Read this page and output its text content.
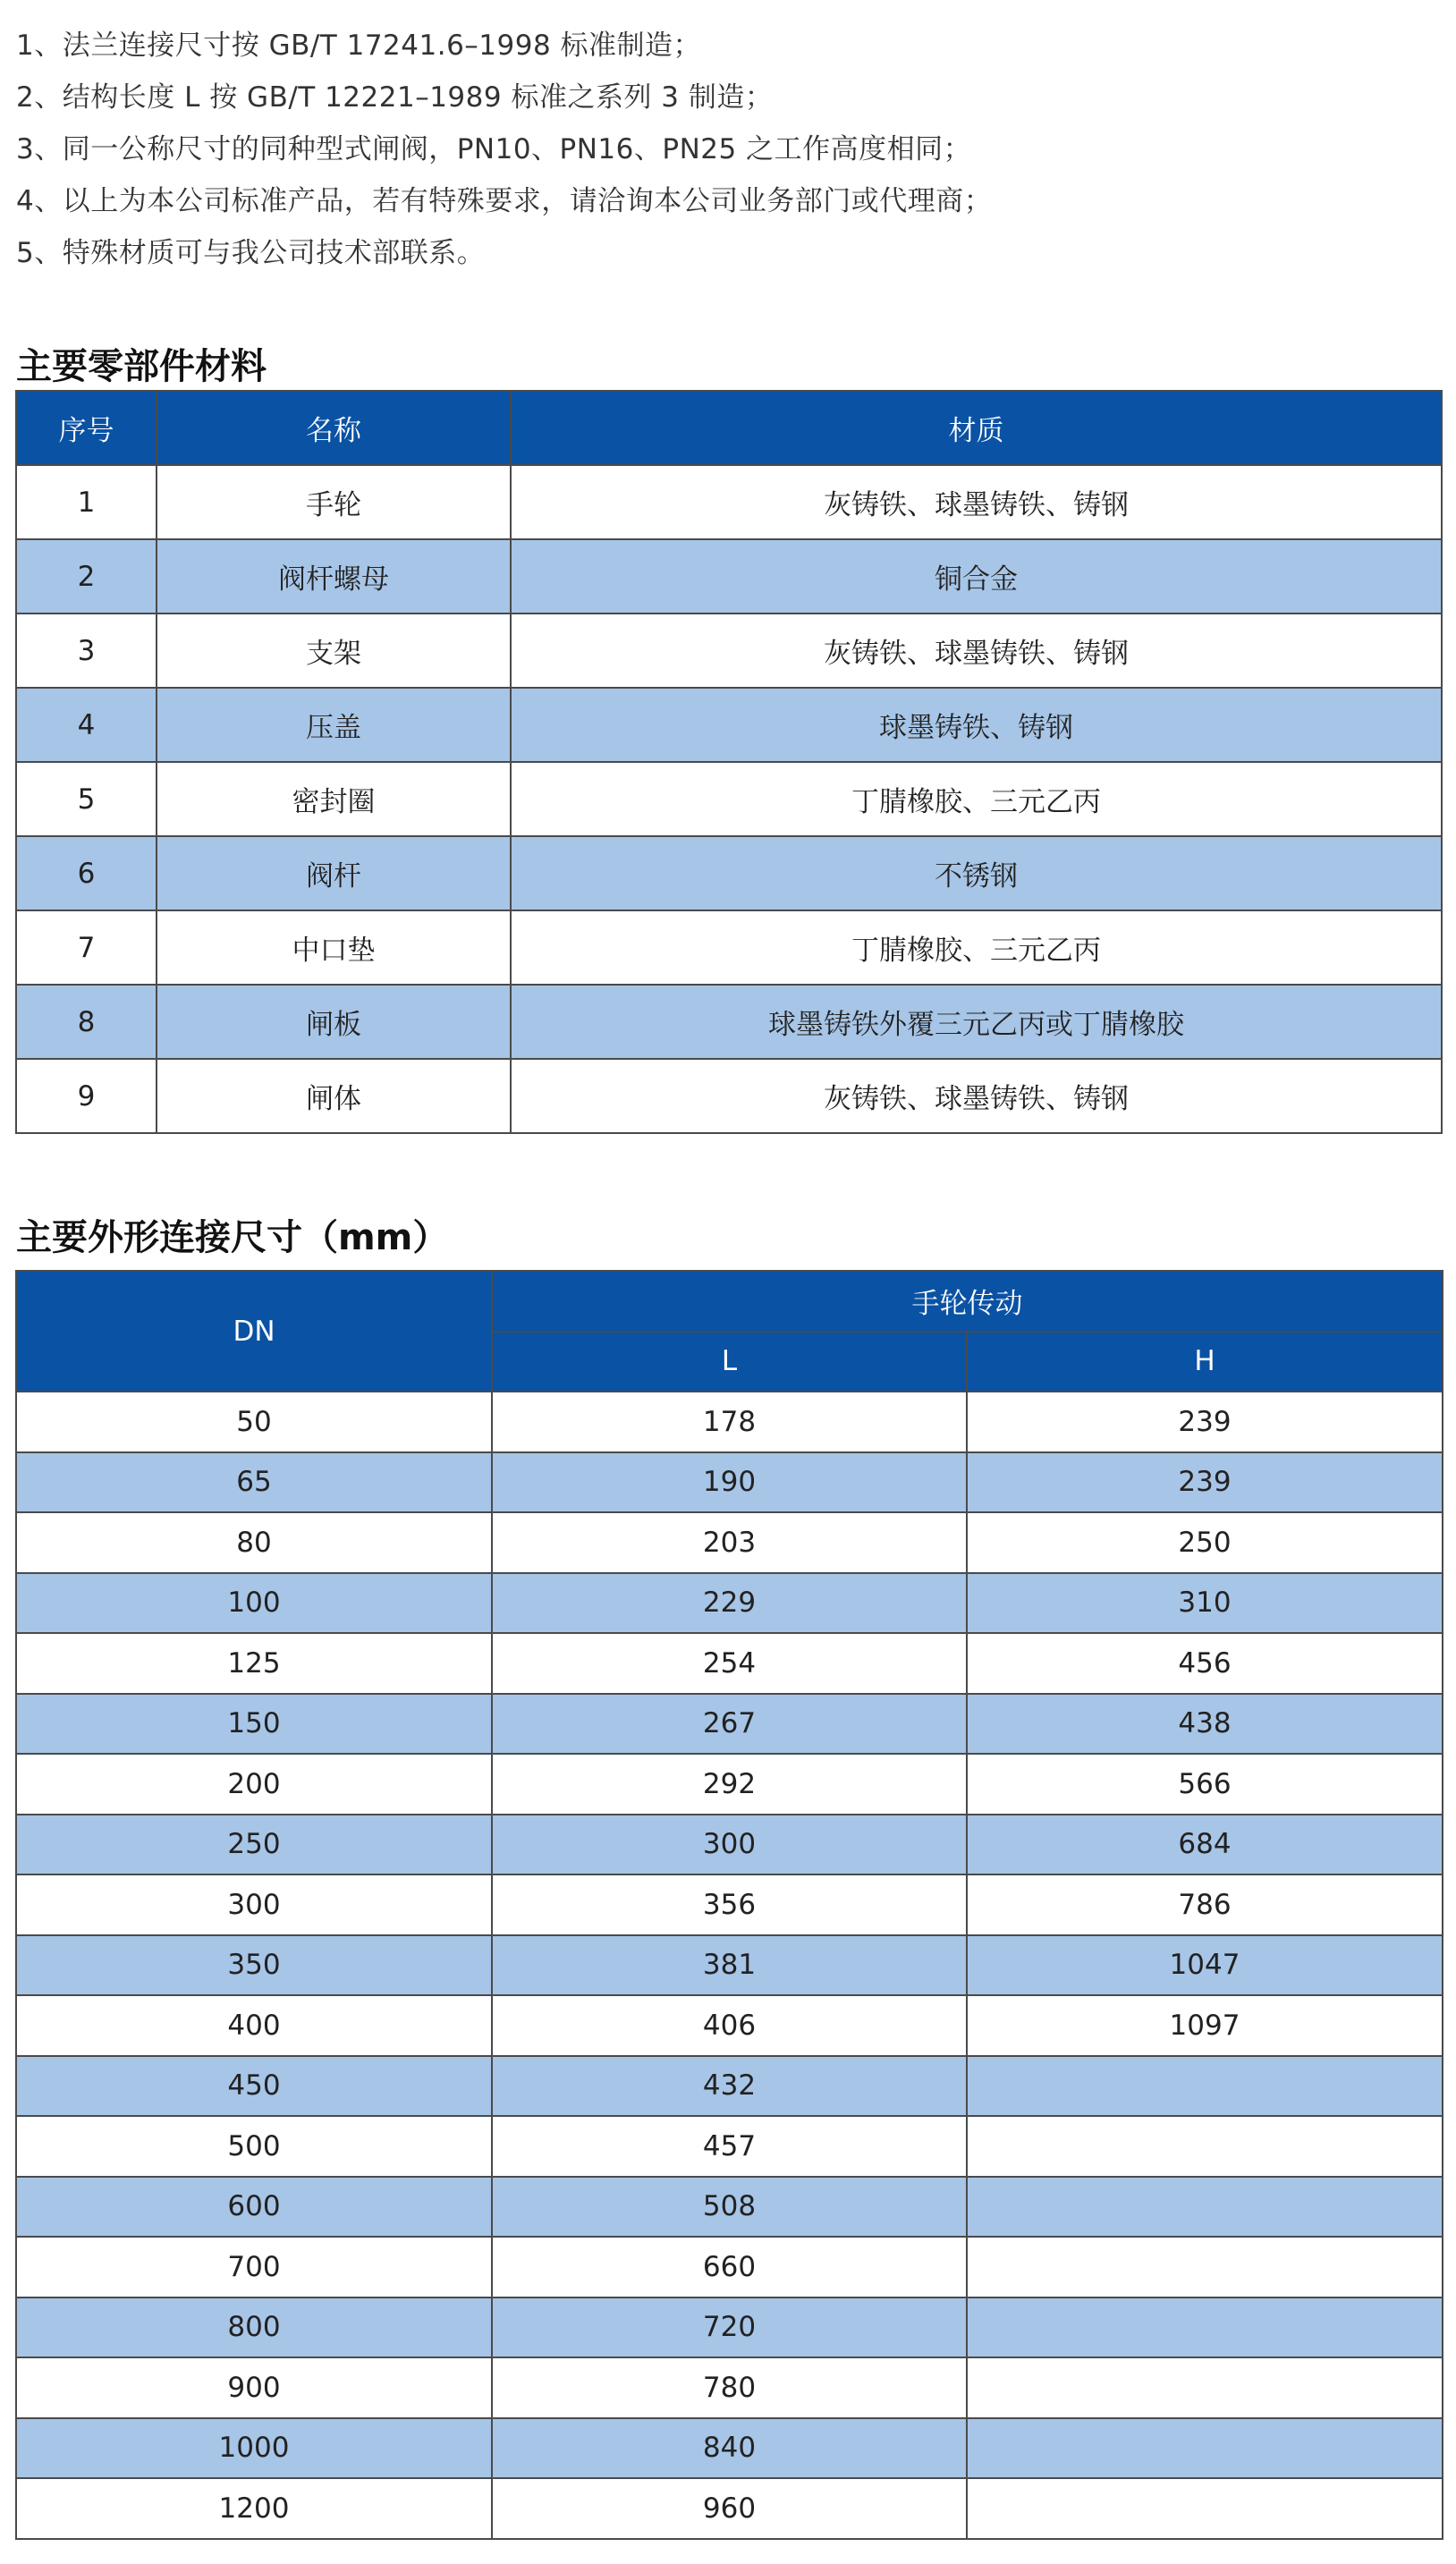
1、法兰连接尺寸按 GB/T 17241.6–1998 标准制造；
2、结构长度 L 按 GB/T 12221–1989 标准之系列 3 制造；
3、同一公称尺寸的同种型式闸阀，PN10、PN16、PN25 之工作高度相同；
4、以上为本公司标准产品，若有特殊要求，请洽询本公司业务部门或代理商；
5、特殊材质可与我公司技术部联系。
主要零部件材料
序号	名称	材质
1	手轮	灰铸铁、球墨铸铁、铸钢
2	阀杆螺母	铜合金
3	支架	灰铸铁、球墨铸铁、铸钢
4	压盖	球墨铸铁、铸钢
5	密封圈	丁腈橡胶、三元乙丙
6	阀杆	不锈钢
7	中口垫	丁腈橡胶、三元乙丙
8	闸板	球墨铸铁外覆三元乙丙或丁腈橡胶
9	闸体	灰铸铁、球墨铸铁、铸钢
主要外形连接尺寸（mm）
DN	手轮传动	
	L	H
50	178	239
65	190	239
80	203	250
100	229	310
125	254	456
150	267	438
200	292	566
250	300	684
300	356	786
350	381	1047
400	406	1097
450	432	
500	457	
600	508	
700	660	
800	720	
900	780	
1000	840	
1200	960	
